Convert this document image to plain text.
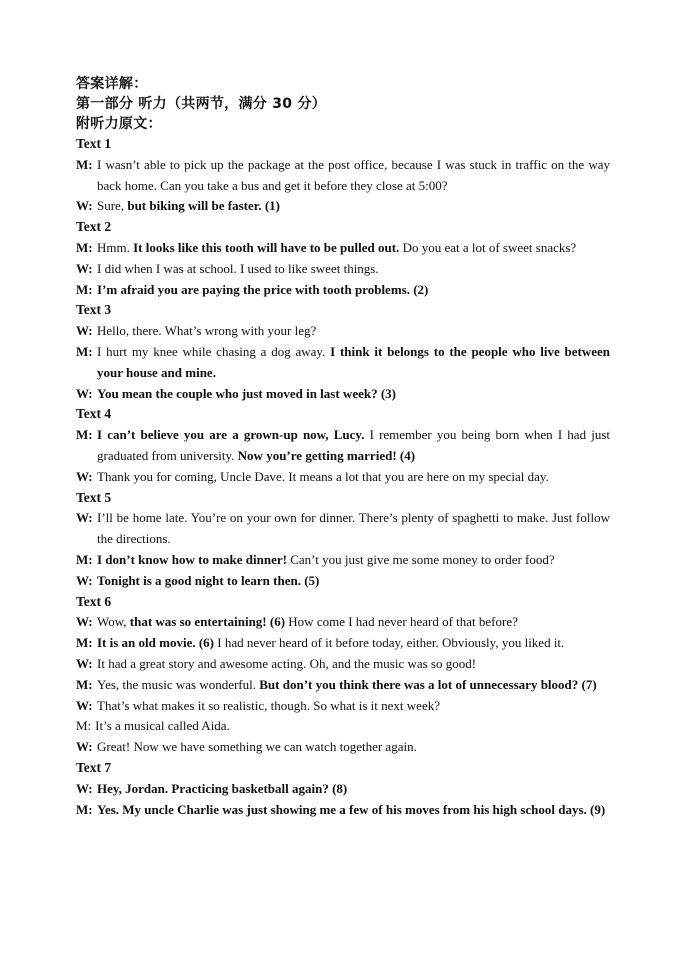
答案详解：
第一部分 听力（共两节，满分 30 分）
附听力原文：
Text 1
M: I wasn’t able to pick up the package at the post office, because I was stuck in traffic on the way back home. Can you take a bus and get it before they close at 5:00?
W: Sure, but biking will be faster. (1)
Text 2
M: Hmm. It looks like this tooth will have to be pulled out. Do you eat a lot of sweet snacks?
W: I did when I was at school. I used to like sweet things.
M: I’m afraid you are paying the price with tooth problems. (2)
Text 3
W: Hello, there. What’s wrong with your leg?
M: I hurt my knee while chasing a dog away. I think it belongs to the people who live between your house and mine.
W: You mean the couple who just moved in last week? (3)
Text 4
M: I can’t believe you are a grown-up now, Lucy. I remember you being born when I had just graduated from university. Now you’re getting married! (4)
W: Thank you for coming, Uncle Dave. It means a lot that you are here on my special day.
Text 5
W: I’ll be home late. You’re on your own for dinner. There’s plenty of spaghetti to make. Just follow the directions.
M: I don’t know how to make dinner! Can’t you just give me some money to order food?
W: Tonight is a good night to learn then. (5)
Text 6
W: Wow, that was so entertaining! (6) How come I had never heard of that before?
M: It is an old movie. (6) I had never heard of it before today, either. Obviously, you liked it.
W: It had a great story and awesome acting. Oh, and the music was so good!
M: Yes, the music was wonderful. But don’t you think there was a lot of unnecessary blood? (7)
W: That’s what makes it so realistic, though. So what is it next week?
M: It’s a musical called Aida.
W: Great! Now we have something we can watch together again.
Text 7
W: Hey, Jordan. Practicing basketball again? (8)
M: Yes. My uncle Charlie was just showing me a few of his moves from his high school days. (9)
